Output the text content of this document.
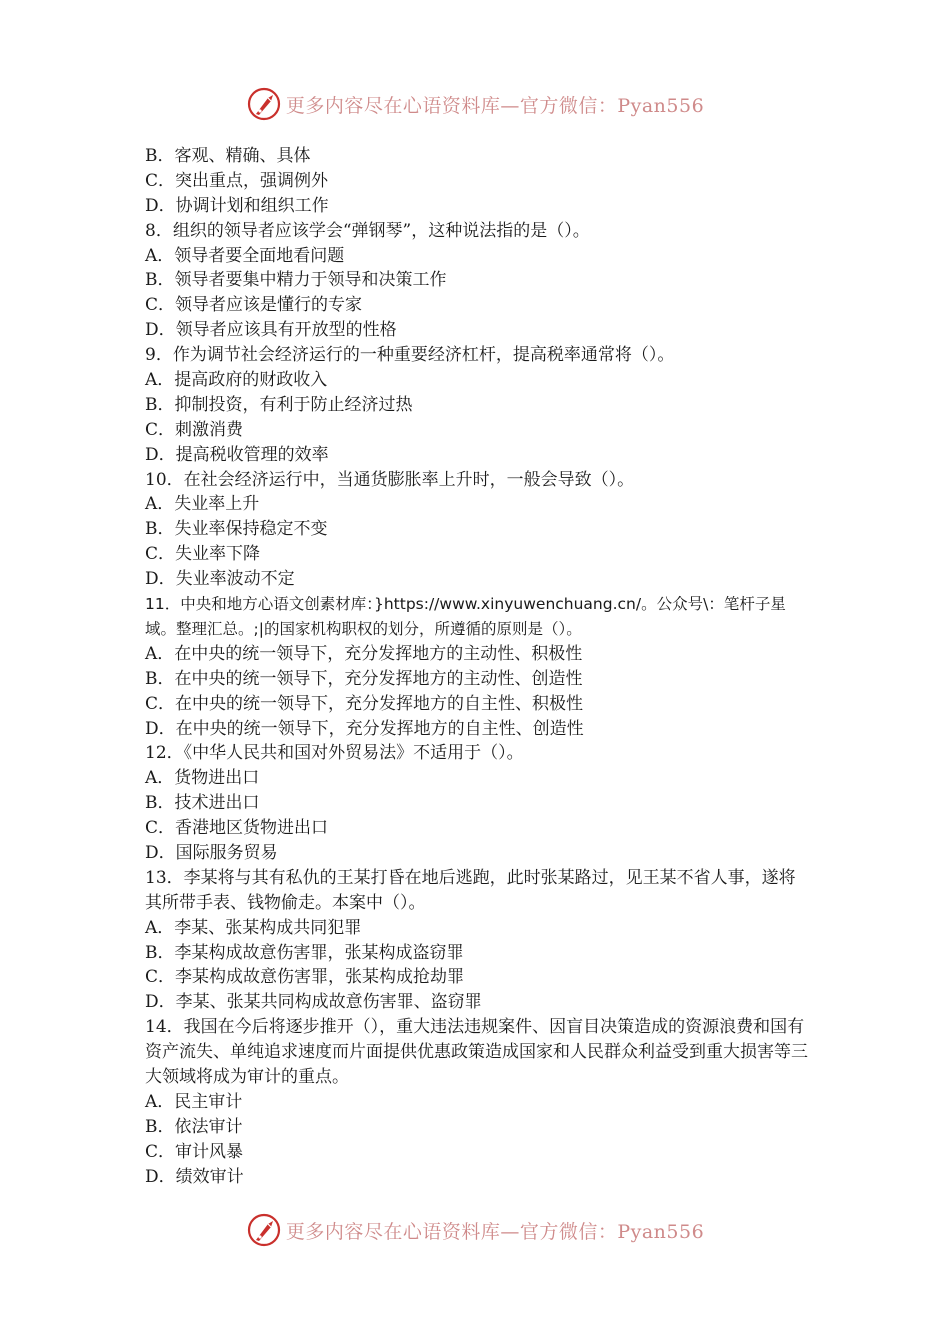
更多内容尽在心语资料库—官方微信：Pyan556
B．客观、精确、具体
C．突出重点，强调例外
D．协调计划和组织工作
8．组织的领导者应该学会“弹钢琴”，这种说法指的是（）。
A．领导者要全面地看问题
B．领导者要集中精力于领导和决策工作
C．领导者应该是懂行的专家
D．领导者应该具有开放型的性格
9．作为调节社会经济运行的一种重要经济杠杆，提高税率通常将（）。
A．提高政府的财政收入
B．抑制投资，有利于防止经济过热
C．刺激消费
D．提高税收管理的效率
10．在社会经济运行中，当通货膨胀率上升时，一般会导致（）。
A．失业率上升
B．失业率保持稳定不变
C．失业率下降
D．失业率波动不定
11．中央和地方心语文创素材库：}https://www.xinyuwenchuang.cn/。公众号\：笔杆子星域。整理汇总。;|的国家机构职权的划分，所遵循的原则是（）。
A．在中央的统一领导下，充分发挥地方的主动性、积极性
B．在中央的统一领导下，充分发挥地方的主动性、创造性
C．在中央的统一领导下，充分发挥地方的自主性、积极性
D．在中央的统一领导下，充分发挥地方的自主性、创造性
12．《中华人民共和国对外贸易法》不适用于（）。
A．货物进出口
B．技术进出口
C．香港地区货物进出口
D．国际服务贸易
13．李某将与其有私仇的王某打昏在地后逃跑，此时张某路过，见王某不省人事，遂将其所带手表、钱物偷走。本案中（）。
A．李某、张某构成共同犯罪
B．李某构成故意伤害罪，张某构成盗窃罪
C．李某构成故意伤害罪，张某构成抢劫罪
D．李某、张某共同构成故意伤害罪、盗窃罪
14．我国在今后将逐步推开（），重大违法违规案件、因盲目决策造成的资源浪费和国有资产流失、单纯追求速度而片面提供优惠政策造成国家和人民群众利益受到重大损害等三大领域将成为审计的重点。
A．民主审计
B．依法审计
C．审计风暴
D．绩效审计
更多内容尽在心语资料库—官方微信：Pyan556
